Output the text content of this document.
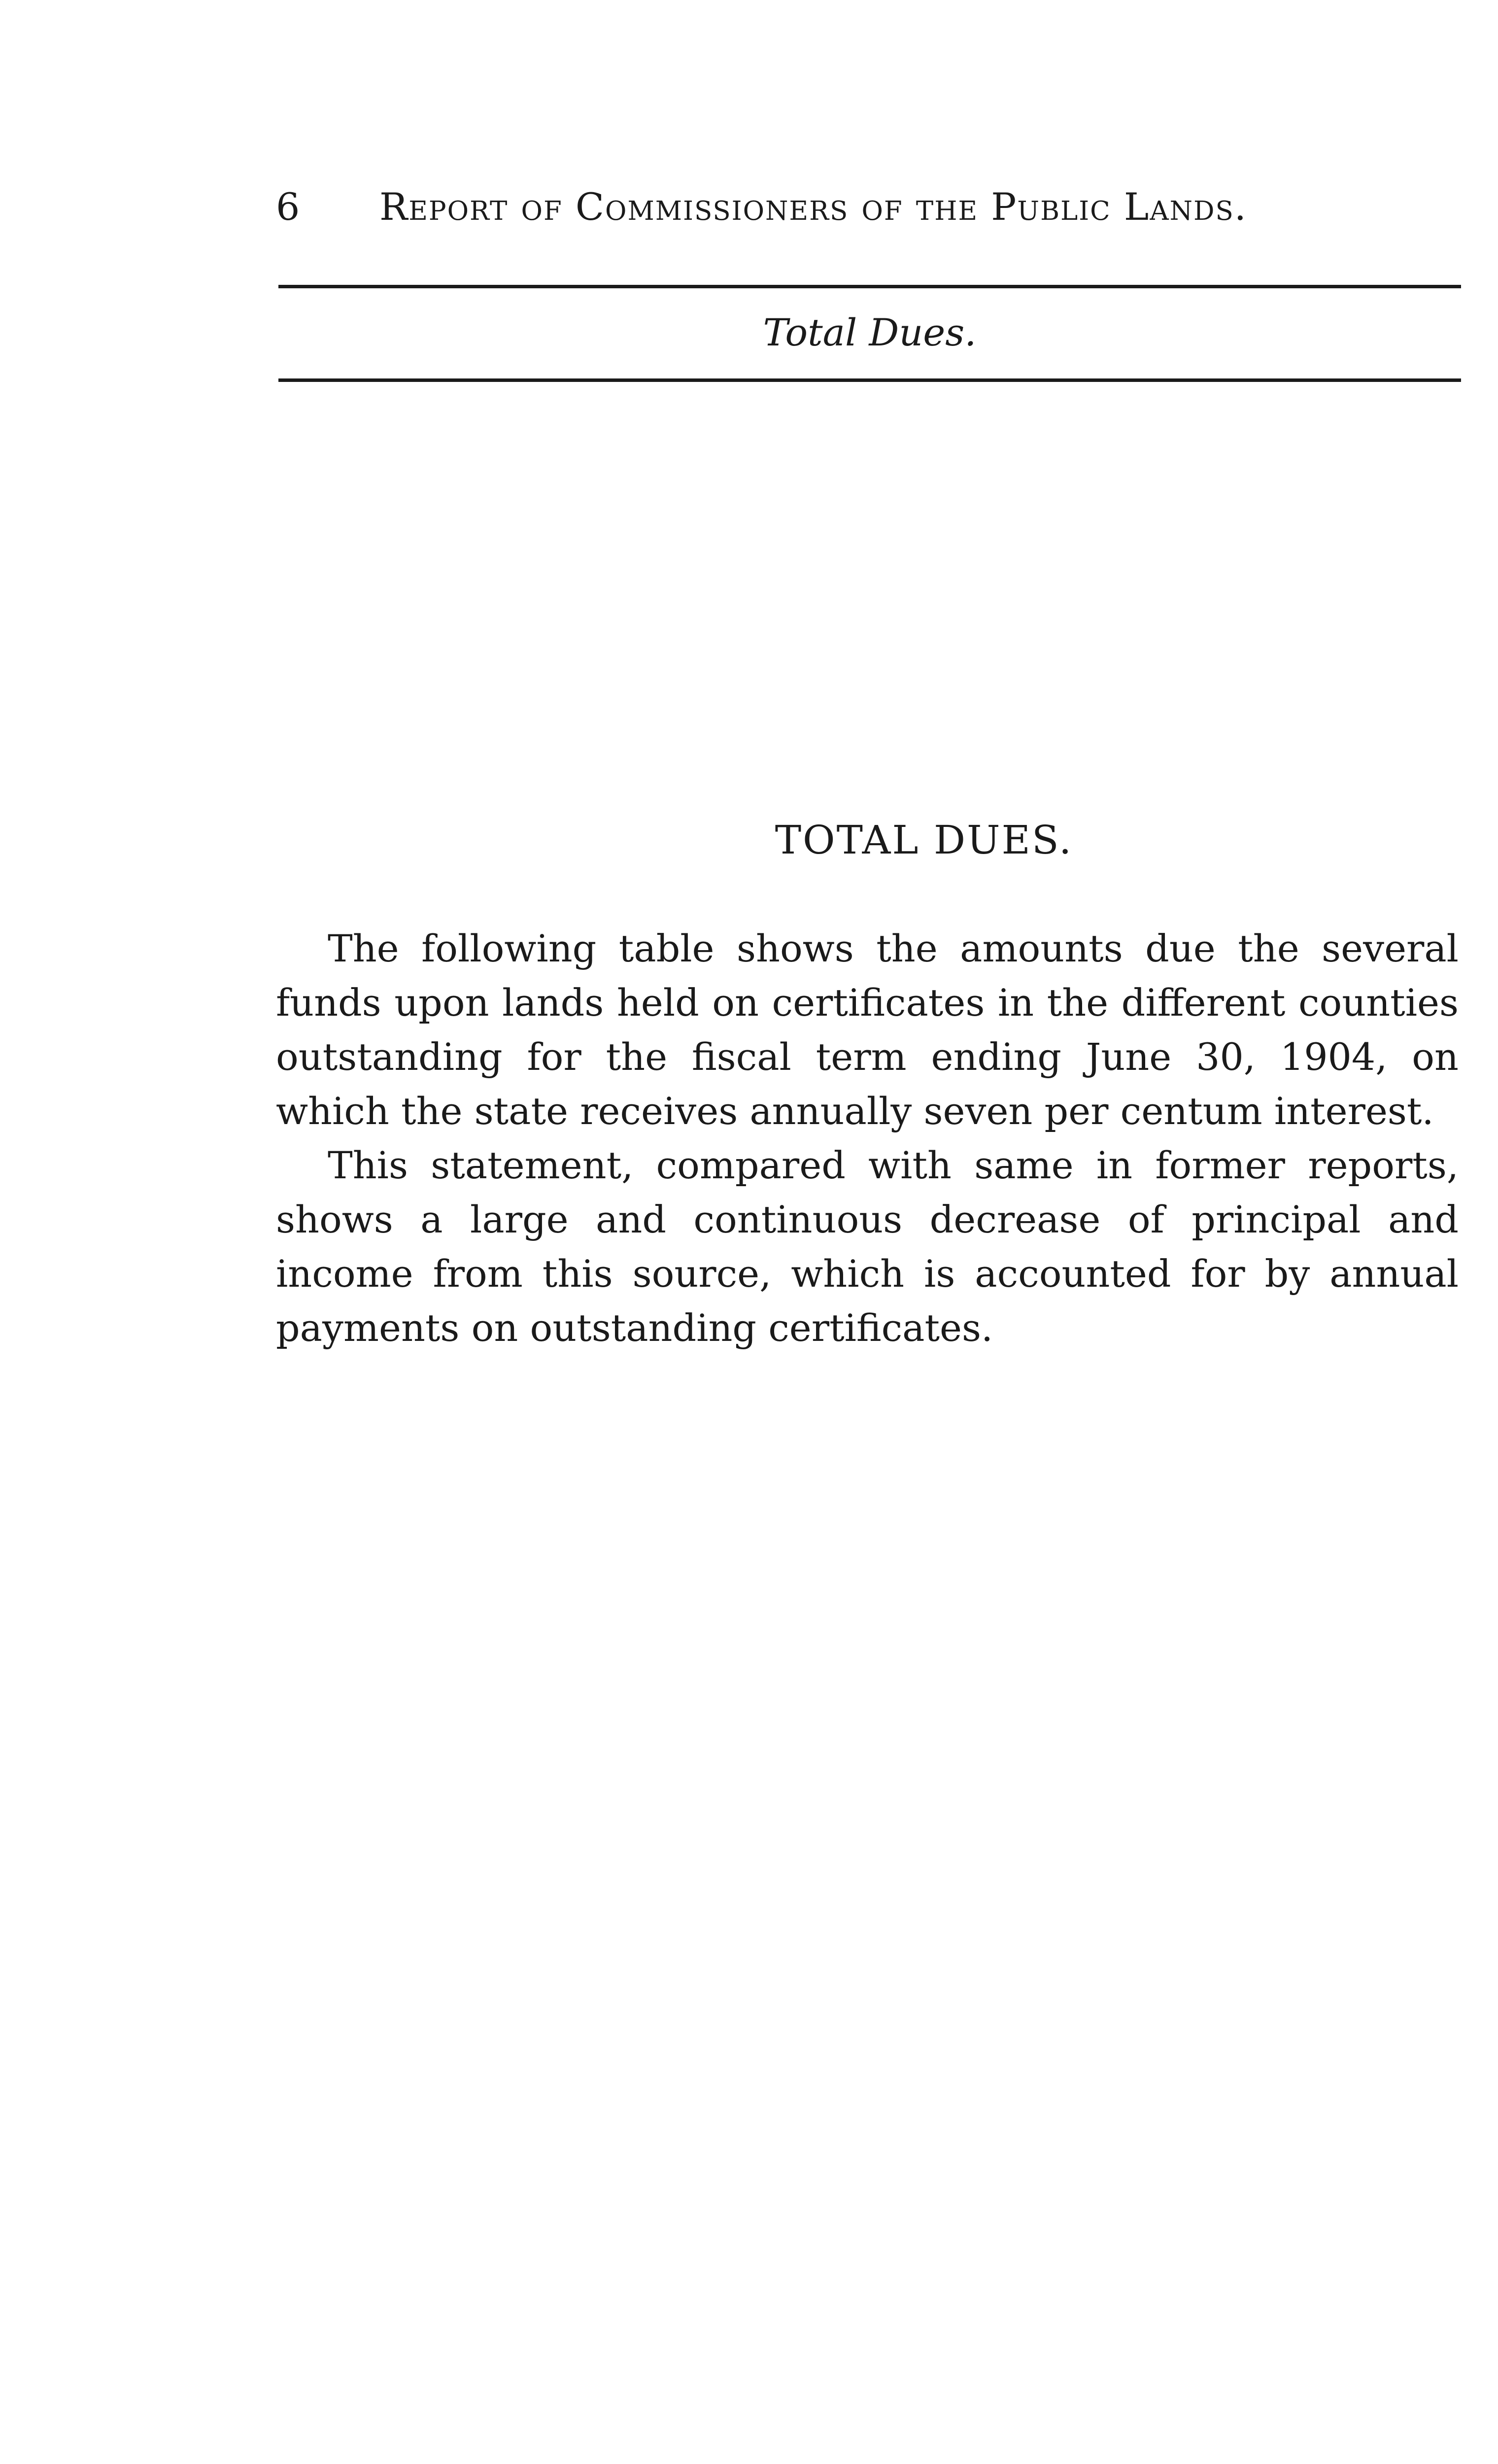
6 Report of Commissioners of the Public Lands.
Total Dues.
TOTAL DUES.

The following table shows the amounts due the several funds upon lands held on certificates in the different counties outstanding for the fiscal term ending June 30, 1904, on which the state receives annually seven per centum interest.

This statement, compared with same in former reports, shows a large and continuous decrease of principal and income from this source, which is accounted for by annual payments on outstanding certificates.
